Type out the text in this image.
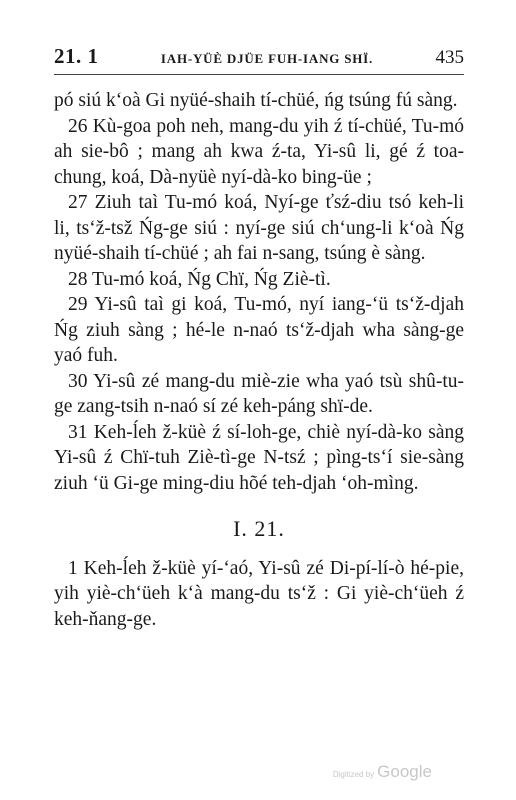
21. 1	IAH-YÜÈ DJÜE FUH-IANG SHÏ.	435

pó siú k‘oà Gi nyüé-shaih tí-chüé, ńg tsúng fú sàng.

26 Kù-goa poh neh, mang-du yih ź tí-chüé, Tu-mó ah sie-bô ; mang ah kwa ź-ta, Yi-sû li, gé ź toa-chung, koá, Dà-nyüè nyí-dà-ko bing-üe ;

27 Ziuh taì Tu-mó koá, Nyí-ge ťsź-diu tsó keh-li li, ts‘ž-tsž Ńg-ge siú : nyí-ge siú ch‘ung-li k‘oà Ńg nyüé-shaih tí-chüé ; ah fai n-sang, tsúng è sàng.

28 Tu-mó koá, Ńg Chï, Ńg Ziè-tì.

29 Yi-sû taì gi koá, Tu-mó, nyí iang-‘ü ts‘ž-djah Ńg ziuh sàng ; hé-le n-naó ts‘ž-djah wha sàng-ge yaó fuh.

30 Yi-sû zé mang-du miè-zie wha yaó tsù shû-tu-ge zang-tsih n-naó sí zé keh-páng shï-de.

31 Keh-ĺeh ž-küè ź sí-loh-ge, chiè nyí-dà-ko sàng Yi-sû ź Chï-tuh Ziè-tì-ge N-tsź ; pìng-ts‘í sie-sàng ziuh ‘ü Gi-ge ming-diu hõé teh-djah ‘oh-mìng.

I. 21.

1 Keh-ĺeh ž-küè yí-‘aó, Yi-sû zé Di-pí-lí-ò hé-pie, yih yiè-ch‘üeh k‘à mang-du ts‘ž : Gi yiè-ch‘üeh ź keh-ňang-ge.

Digitized by Google
